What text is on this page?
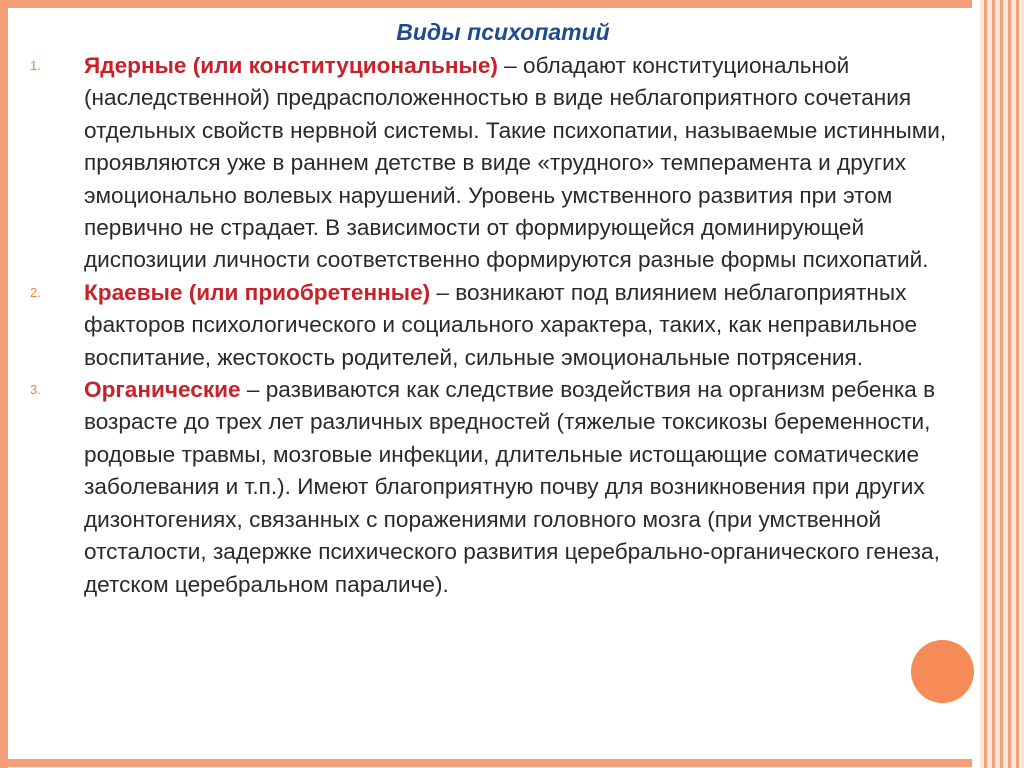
Виды психопатий
1. Ядерные (или конституциональные) – обладают конституциональной (наследственной) предрасположенностью в виде неблагоприятного сочетания отдельных свойств нервной системы. Такие психопатии, называемые истинными, проявляются уже в раннем детстве в виде «трудного» темперамента и других эмоционально волевых нарушений. Уровень умственного развития при этом первично не страдает. В зависимости от формирующейся доминирующей диспозиции личности соответственно формируются разные формы психопатий.

2. Краевые (или приобретенные) – возникают под влиянием неблагоприятных факторов психологического и социального характера, таких, как неправильное воспитание, жестокость родителей, сильные эмоциональные потрясения.

3. Органические – развиваются как следствие воздействия на организм ребенка в возрасте до трех лет различных вредностей (тяжелые токсикозы беременности, родовые травмы, мозговые инфекции, длительные истощающие соматические заболевания и т.п.). Имеют благоприятную почву для возникновения при других дизонтогениях, связанных с поражениями головного мозга (при умственной отсталости, задержке психического развития церебрально-органического генеза, детском церебральном параличе).
